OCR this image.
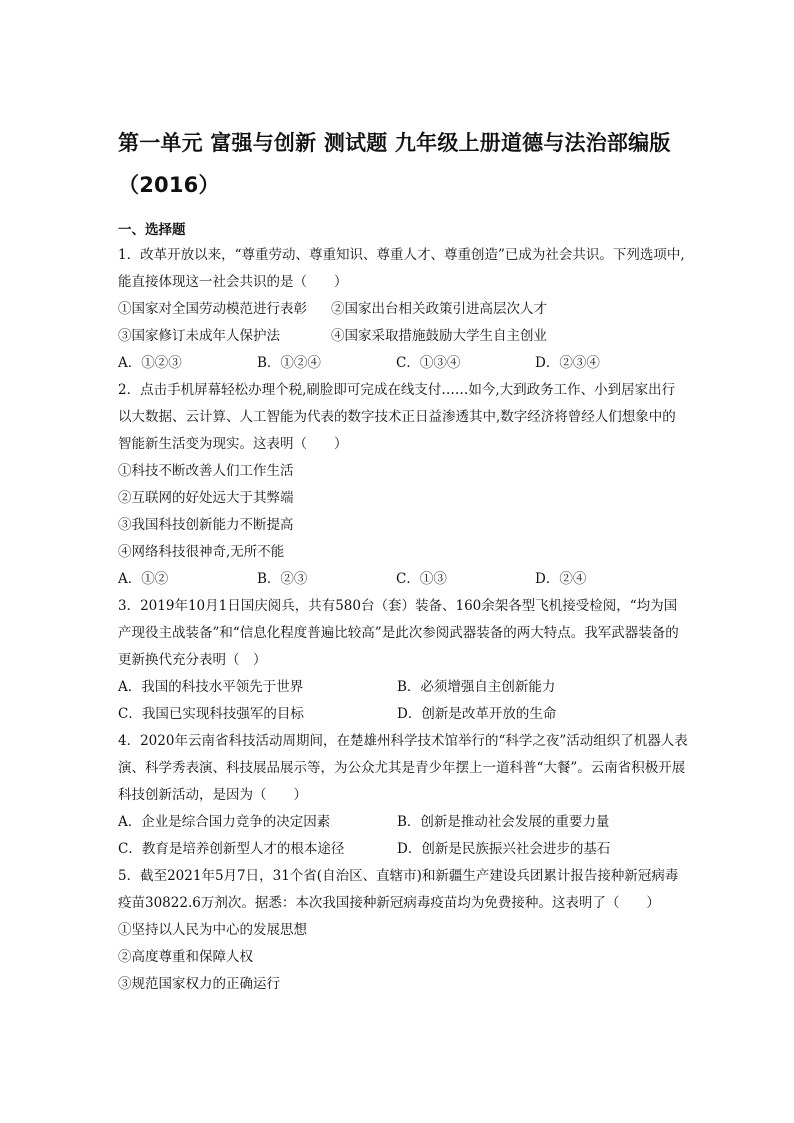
第一单元 富强与创新 测试题 九年级上册道德与法治部编版（2016）
一、选择题
1．改革开放以来，“尊重劳动、尊重知识、尊重人才、尊重创造”已成为社会共识。下列选项中,能直接体现这一社会共识的是（　　）
①国家对全国劳动模范进行表彰	②国家出台相关政策引进高层次人才
③国家修订未成年人保护法	④国家采取措施鼓励大学生自主创业
A．①②③	B．①②④	C．①③④	D．②③④
2．点击手机屏幕轻松办理个税,刷脸即可完成在线支付……如今,大到政务工作、小到居家出行以大数据、云计算、人工智能为代表的数字技术正日益渗透其中,数字经济将曾经人们想象中的智能新生活变为现实。这表明（　　）
①科技不断改善人们工作生活
②互联网的好处远大于其弊端
③我国科技创新能力不断提高
④网络科技很神奇,无所不能
A．①②	B．②③	C．①③	D．②④
3．2019年10月1日国庆阅兵，共有580台（套）装备、160余架各型飞机接受检阅，“均为国产现役主战装备”和“信息化程度普遍比较高”是此次参阅武器装备的两大特点。我军武器装备的更新换代充分表明（　）
A．我国的科技水平领先于世界	B．必须增强自主创新能力
C．我国已实现科技强军的目标	D．创新是改革开放的生命
4．2020年云南省科技活动周期间，在楚雄州科学技术馆举行的“科学之夜”活动组织了机器人表演、科学秀表演、科技展品展示等，为公众尤其是青少年摆上一道科普“大餐”。云南省积极开展科技创新活动，是因为（　　）
A．企业是综合国力竞争的决定因素	B．创新是推动社会发展的重要力量
C．教育是培养创新型人才的根本途径	D．创新是民族振兴社会进步的基石
5．截至2021年5月7日，31个省(自治区、直辖市)和新疆生产建设兵团累计报告接种新冠病毒疫苗30822.6万剂次。据悉：本次我国接种新冠病毒疫苗均为免费接种。这表明了（　　）
①坚持以人民为中心的发展思想
②高度尊重和保障人权
③规范国家权力的正确运行
